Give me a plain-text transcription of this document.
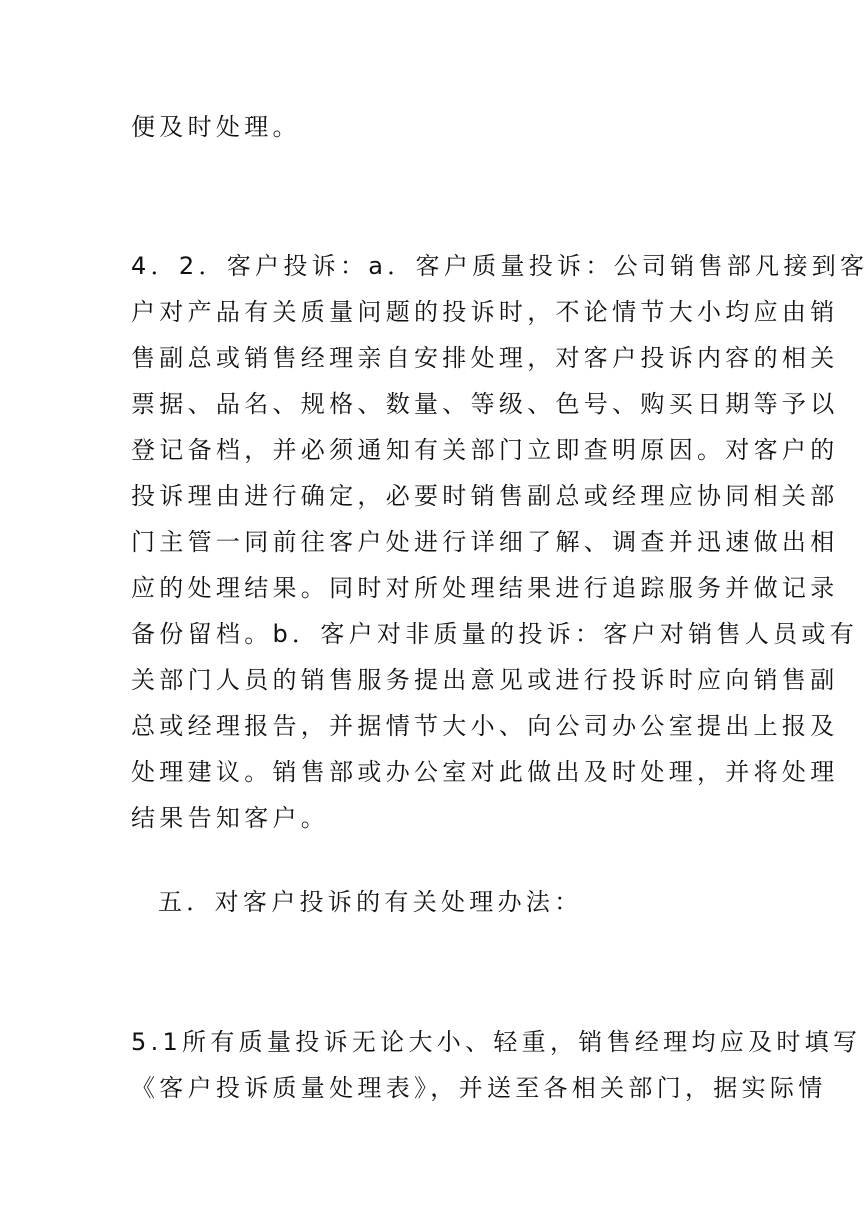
便及时处理。
4．2．客户投诉：a．客户质量投诉：公司销售部凡接到客
户对产品有关质量问题的投诉时，不论情节大小均应由销
售副总或销售经理亲自安排处理，对客户投诉内容的相关
票据、品名、规格、数量、等级、色号、购买日期等予以
登记备档，并必须通知有关部门立即查明原因。对客户的
投诉理由进行确定，必要时销售副总或经理应协同相关部
门主管一同前往客户处进行详细了解、调查并迅速做出相
应的处理结果。同时对所处理结果进行追踪服务并做记录
备份留档。b．客户对非质量的投诉：客户对销售人员或有
关部门人员的销售服务提出意见或进行投诉时应向销售副
总或经理报告，并据情节大小、向公司办公室提出上报及
处理建议。销售部或办公室对此做出及时处理，并将处理
结果告知客户。
五．对客户投诉的有关处理办法：
5.1所有质量投诉无论大小、轻重，销售经理均应及时填写
《客户投诉质量处理表》，并送至各相关部门，据实际情
